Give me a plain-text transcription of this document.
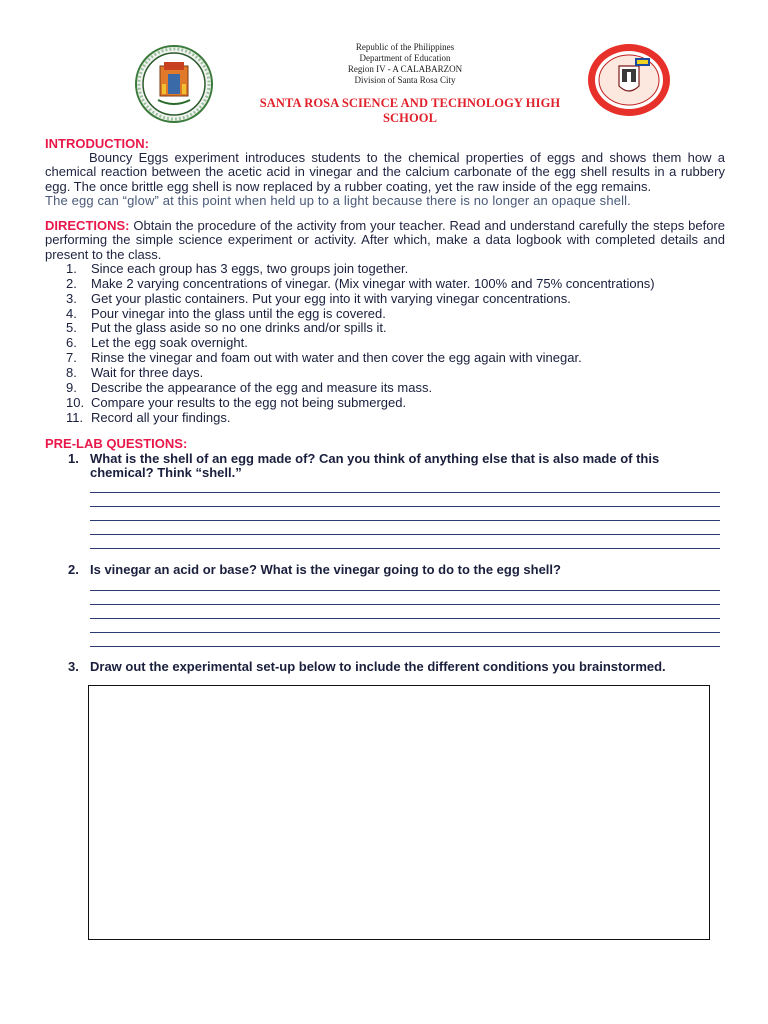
Republic of the Philippines
Department of Education
Region IV - A CALABARZON
Division of Santa Rosa City
SANTA ROSA SCIENCE AND TECHNOLOGY HIGH SCHOOL
INTRODUCTION:

Bouncy Eggs experiment introduces students to the chemical properties of eggs and shows them how a chemical reaction between the acetic acid in vinegar and the calcium carbonate of the egg shell results in a rubbery egg. The once brittle egg shell is now replaced by a rubber coating, yet the raw inside of the egg remains.

The egg can “glow” at this point when held up to a light because there is no longer an opaque shell.

DIRECTIONS: Obtain the procedure of the activity from your teacher. Read and understand carefully the steps before performing the simple science experiment or activity. After which, make a data logbook with completed details and present to the class.

1.	Since each group has 3 eggs, two groups join together.
2.	Make 2 varying concentrations of vinegar. (Mix vinegar with water. 100% and 75% concentrations)
3.	Get your plastic containers. Put your egg into it with varying vinegar concentrations.
4.	Pour vinegar into the glass until the egg is covered.
5.	Put the glass aside so no one drinks and/or spills it.
6.	Let the egg soak overnight.
7.	Rinse the vinegar and foam out with water and then cover the egg again with vinegar.
8.	Wait for three days.
9.	Describe the appearance of the egg and measure its mass.
10. Compare your results to the egg not being submerged.
11. Record all your findings.
PRE-LAB QUESTIONS:
1. What is the shell of an egg made of? Can you think of anything else that is also made of this chemical? Think “shell.”
2. Is vinegar an acid or base? What is the vinegar going to do to the egg shell?
3. Draw out the experimental set-up below to include the different conditions you brainstormed.
